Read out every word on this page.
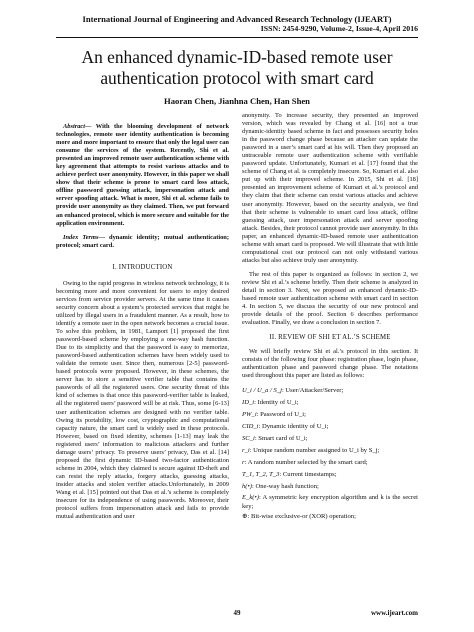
International Journal of Engineering and Advanced Research Technology (IJEART)
ISSN: 2454-9290, Volume-2, Issue-4, April 2016
An enhanced dynamic-ID-based remote user authentication protocol with smart card
Haoran Chen, Jianhna Chen, Han Shen

Abstract— With the blooming development of network technologies, remote user identity authentication is becoming more and more important to ensure that only the legal user can consume the services of the system. Recently, Shi et al. presented an improved remote user authentication scheme with key agreement that attempts to resist various attacks and to achieve perfect user anonymity. However, in this paper we shall show that their scheme is prone to smart card loss attack, offline password guessing attack, impersonation attack and server spoofing attack. What is more, Shi et al. scheme fails to provide user anonymity as they claimed. Then, we put forward an enhanced protocol, which is more secure and suitable for the application environment.

Index Terms— dynamic identity; mutual authentication; protocol; smart card.

I. INTRODUCTION

Owing to the rapid progress in wireless network technology, it is becoming more and more convenient for users to enjoy desired services from service provider servers. At the same time it causes security concern about a system’s protected services that might be utilized by illegal users in a fraudulent manner. As a result, how to identify a remote user in the open network becomes a crucial issue. To solve this problem, in 1981, Lamport [1] proposed the first password-based scheme by employing a one-way hash function. Due to its simplicity and that the password is easy to memorize, password-based authentication schemes have been widely used to validate the remote user. Since then, numerous [2-5] password-based protocols were proposed. However, in these schemes, the server has to store a sensitive verifier table that contains the passwords of all the registered users. One security threat of this kind of schemes is that once this password-verifier table is leaked, all the registered users’ password will be at risk. Thus, some [6-13] user authentication schemes are designed with no verifier table. Owing its portability, low cost, cryptographic and computational capacity nature, the smart card is widely used in these protocols. However, based on fixed identity, schemes [1-13] may leak the registered users’ information to malicious attackers and further damage users’ privacy. To preserve users’ privacy, Das et al. [14] proposed the first dynamic ID-based two-factor authentication scheme in 2004, which they claimed is secure against ID-theft and can resist the reply attacks, forgery attacks, guessing attacks, insider attacks and stolen verifier attacks.Unfortunately, in 2009 Wang et al. [15] pointed out that Das et al.’s scheme is completely insecure for its independence of using passwords. Moreover, their protocol suffers from impersonation attack and fails to provide mutual authentication and user

anonymity. To increase security, they presented an improved version, which was revealed by Chang et al. [16] not a true dynamic-identity based scheme in fact and possesses security holes in the password change phase because an attacker can update the password in a user’s smart card at his will. Then they proposed an untraceable remote user authentication scheme with verifiable password update. Unfortunately, Kumari et al. [17] found that the scheme of Chang et al. is completely insecure. So, Kumari et al. also put up with their improved scheme. In 2015, Shi et al. [18] presented an improvement scheme of Kumari et al.’s protocol and they claim that their scheme can resist various attacks and achieve user anonymity. However, based on the security analysis, we find that their scheme is vulnerable to smart card loss attack, offline guessing attack, user impersonation attack and server spoofing attack. Besides, their protocol cannot provide user anonymity. In this paper, an enhanced dynamic-ID-based remote user authentication scheme with smart card is proposed. We will illustrate that with little computational cost our protocol can not only withstand various attacks but also achieve truly user anonymity.

The rest of this paper is organized as follows: in section 2, we review Shi et al.’s scheme briefly. Then their scheme is analyzed in detail in section 3. Next, we proposed an enhanced dynamic-ID-based remote user authentication scheme with smart card in section 4. In section 5, we discuss the security of our new protocol and provide details of the proof. Section 6 describes performance evaluation. Finally, we draw a conclusion in section 7.

II. REVIEW OF SHI ET AL.’S SCHEME

We will briefly review Shi et al.’s protocol in this section. It consists of the following four phase: registration phase, login phase, authentication phase and password change phase. The notations used throughout this paper are listed as follows:

U_i / U_a / S_j: User/Attacker/Server;
ID_i: Identity of U_i;
PW_i: Password of U_i;
CID_i: Dynamic identity of U_i;
SC_i: Smart card of U_i;
r_i: Unique random number assigned to U_i by S_j;
r: A random number selected by the smart card;
T_1, T_2, T_3: Current timestamps;
h(•): One-way hash function;
E_k(•): A symmetric key encryption algorithm and k is the secret key;
⊕: Bit-wise exclusive-or (XOR) operation;
49	www.ijeart.com
